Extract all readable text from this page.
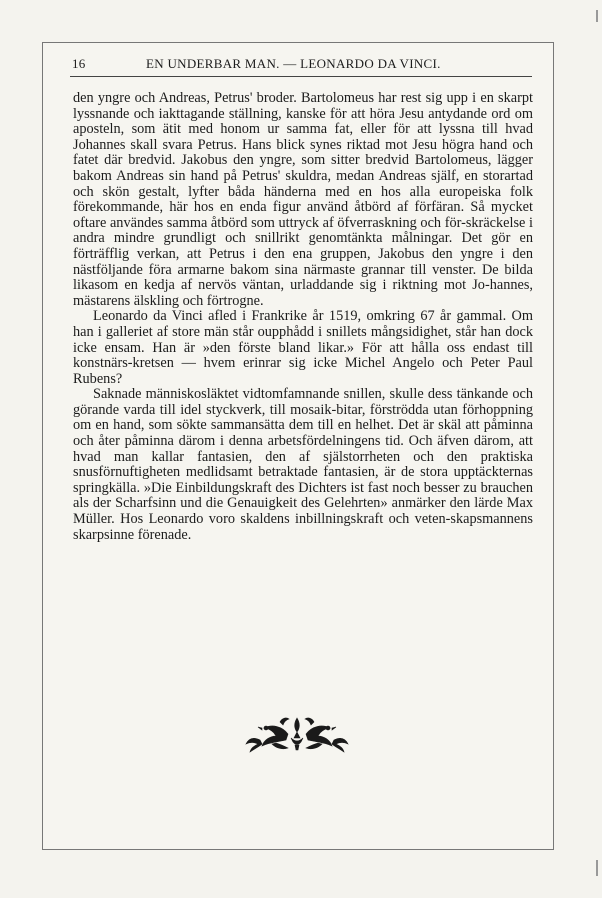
16	EN UNDERBAR MAN. — LEONARDO DA VINCI.

den yngre och Andreas, Petrus' broder. Bartolomeus har rest sig upp i en skarpt lyssnande och iakttagande ställning, kanske för att höra Jesu antydande ord om aposteln, som ätit med honom ur samma fat, eller för att lyssna till hvad Johannes skall svara Petrus. Hans blick synes riktad mot Jesu högra hand och fatet där bredvid. Jakobus den yngre, som sitter bredvid Bartolomeus, lägger bakom Andreas sin hand på Petrus' skuldra, medan Andreas själf, en storartad och skön gestalt, lyfter båda händerna med en hos alla europeiska folk förekommande, här hos en enda figur använd åtbörd af förfäran. Så mycket oftare användes samma åtbörd som uttryck af öfverraskning och för-skräckelse i andra mindre grundligt och snillrikt genomtänkta målningar. Det gör en förträfflig verkan, att Petrus i den ena gruppen, Jakobus den yngre i den nästföljande föra armarne bakom sina närmaste grannar till venster. De bilda likasom en kedja af nervös väntan, urladdande sig i riktning mot Jo-hannes, mästarens älskling och förtrogne.

Leonardo da Vinci afled i Frankrike år 1519, omkring 67 år gammal. Om han i galleriet af store män står oupphådd i snillets mångsidighet, står han dock icke ensam. Han är »den förste bland likar.» För att hålla oss endast till konstnärs-kretsen — hvem erinrar sig icke Michel Angelo och Peter Paul Rubens?

Saknade människosläktet vidtomfamnande snillen, skulle dess tänkande och görande varda till idel styckverk, till mosaik-bitar, förströdda utan förhoppning om en hand, som sökte sammansätta dem till en helhet. Det är skäl att påminna och åter påminna därom i denna arbetsfördelningens tid. Och äfven därom, att hvad man kallar fantasien, den af själstorrheten och den praktiska snusförnuftigheten medlidsamt betraktade fantasien, är de stora upptäckternas springkälla. »Die Einbildungskraft des Dichters ist fast noch besser zu brauchen als der Scharfsinn und die Genauigkeit des Gelehrten» anmärker den lärde Max Müller. Hos Leonardo voro skaldens inbillningskraft och veten-skapsmannens skarpsinne förenade.
